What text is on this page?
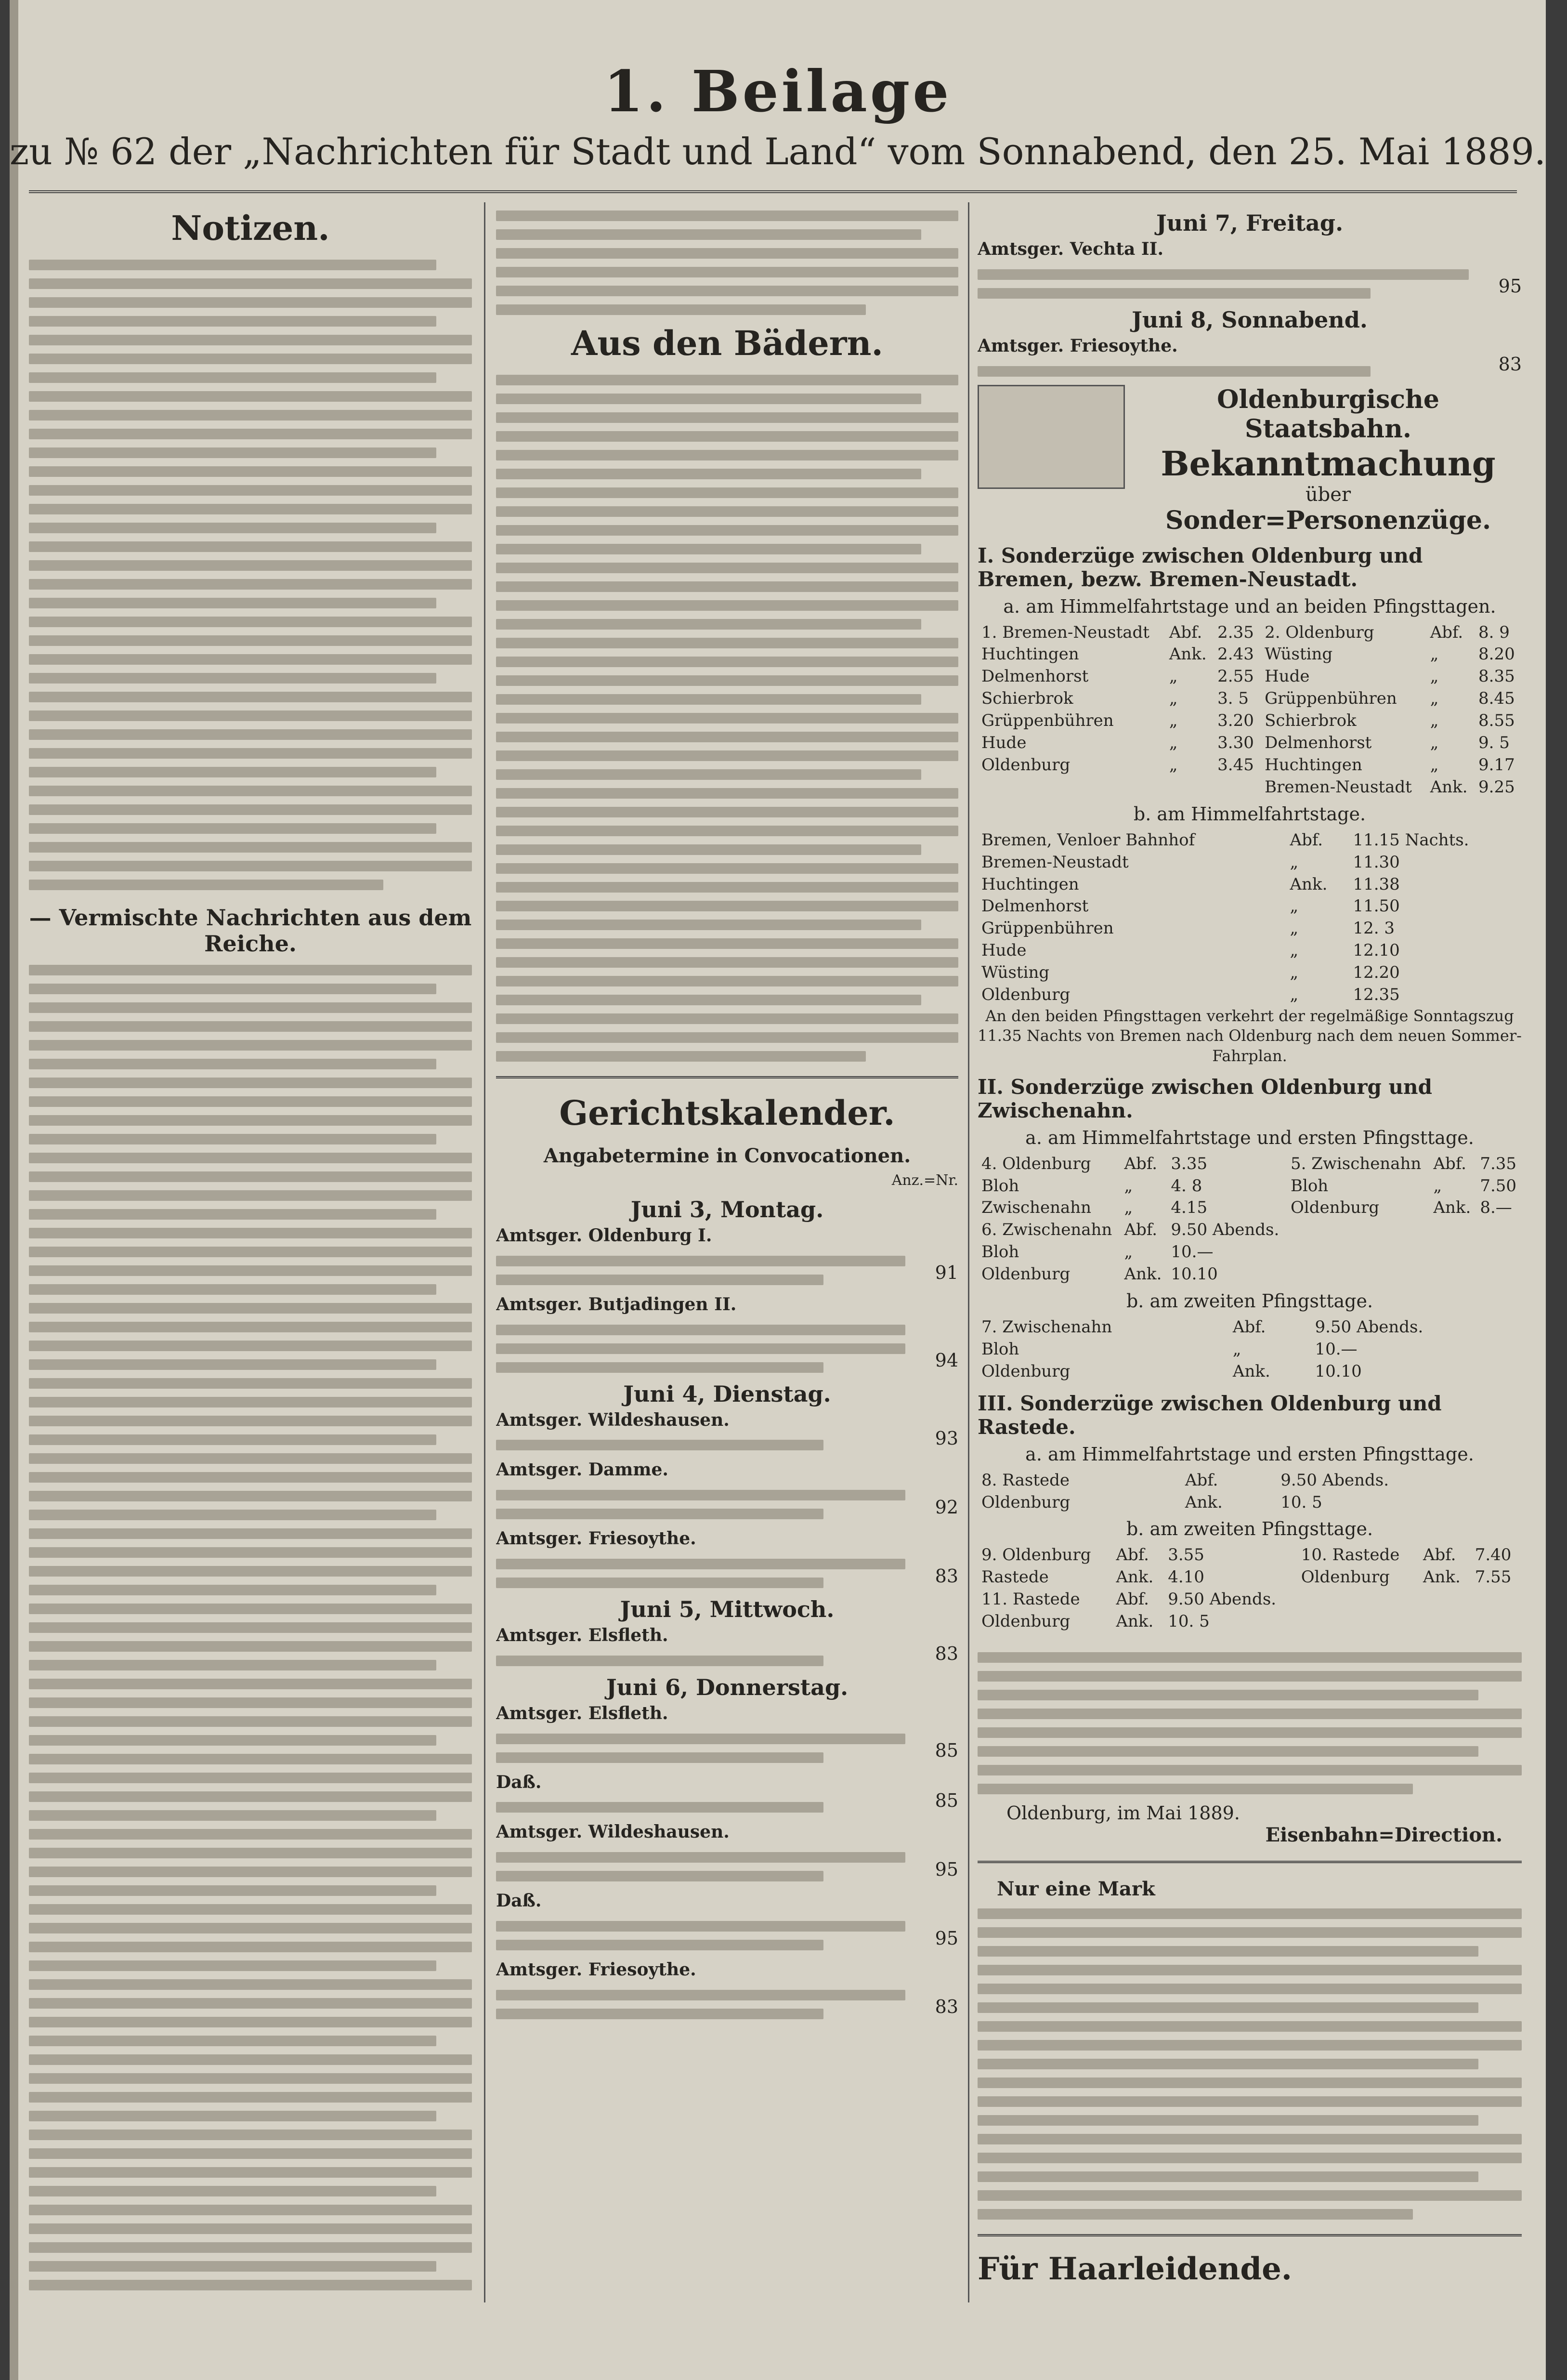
1. Beilage
zu № 62 der „Nachrichten für Stadt und Land“ vom Sonnabend, den 25. Mai 1889.
Notizen.
— Vermischte Nachrichten aus dem Reiche.
Aus den Bädern.
Gerichtskalender.
Angabetermine in Convocationen.
Anz.=Nr.
Juni 3, Montag.
Amtsger. Oldenburg I.
91
Amtsger. Butjadingen II.
94
Juni 4, Dienstag.
Amtsger. Wildeshausen.
93
Amtsger. Damme.
92
Amtsger. Friesoythe.
83
Juni 5, Mittwoch.
Amtsger. Elsfleth.
83
Juni 6, Donnerstag.
Amtsger. Elsfleth.
85
Daß.
85
Amtsger. Wildeshausen.
95
Daß.
95
Amtsger. Friesoythe.
83
Juni 7, Freitag.
Amtsger. Vechta II.
95
Juni 8, Sonnabend.
Amtsger. Friesoythe.
83
Oldenburgische Staatsbahn.
Bekanntmachung
über
Sonder=Personenzüge.
I. Sonderzüge zwischen Oldenburg und Bremen, bezw. Bremen-Neustadt.
a. am Himmelfahrtstage und an beiden Pfingsttagen.
1. Bremen-Neustadt	Abf.	2.35	2. Oldenburg	Abf.	8. 9
Huchtingen	Ank.	2.43	Wüsting	„	8.20
Delmenhorst	„	2.55	Hude	„	8.35
Schierbrok	„	3. 5	Grüppenbühren	„	8.45
Grüppenbühren	„	3.20	Schierbrok	„	8.55
Hude	„	3.30	Delmenhorst	„	9. 5
Oldenburg	„	3.45	Huchtingen	„	9.17
			Bremen-Neustadt	Ank.	9.25
b. am Himmelfahrtstage.
Bremen, Venloer Bahnhof	Abf.	11.15 Nachts.
Bremen-Neustadt	„	11.30
Huchtingen	Ank.	11.38
Delmenhorst	„	11.50
Grüppenbühren	„	12. 3
Hude	„	12.10
Wüsting	„	12.20
Oldenburg	„	12.35
An den beiden Pfingsttagen verkehrt der regelmäßige Sonntagszug 11.35 Nachts von Bremen nach Oldenburg nach dem neuen Sommer-Fahrplan.
II. Sonderzüge zwischen Oldenburg und Zwischenahn.
a. am Himmelfahrtstage und ersten Pfingsttage.
4. Oldenburg	Abf.	3.35	5. Zwischenahn	Abf.	7.35
Bloh	„	4. 8	Bloh	„	7.50
Zwischenahn	„	4.15	Oldenburg	Ank.	8.—
6. Zwischenahn	Abf.	9.50 Abends.			
Bloh	„	10.—			
Oldenburg	Ank.	10.10			
b. am zweiten Pfingsttage.
7. Zwischenahn	Abf.	9.50 Abends.
Bloh	„	10.—
Oldenburg	Ank.	10.10
III. Sonderzüge zwischen Oldenburg und Rastede.
a. am Himmelfahrtstage und ersten Pfingsttage.
8. Rastede	Abf.	9.50 Abends.
Oldenburg	Ank.	10. 5
b. am zweiten Pfingsttage.
9. Oldenburg	Abf.	3.55	10. Rastede	Abf.	7.40
Rastede	Ank.	4.10	Oldenburg	Ank.	7.55
11. Rastede	Abf.	9.50 Abends.			
Oldenburg	Ank.	10. 5			
Oldenburg, im Mai 1889.
Eisenbahn=Direction.
Nur eine Mark
Für Haarleidende.
